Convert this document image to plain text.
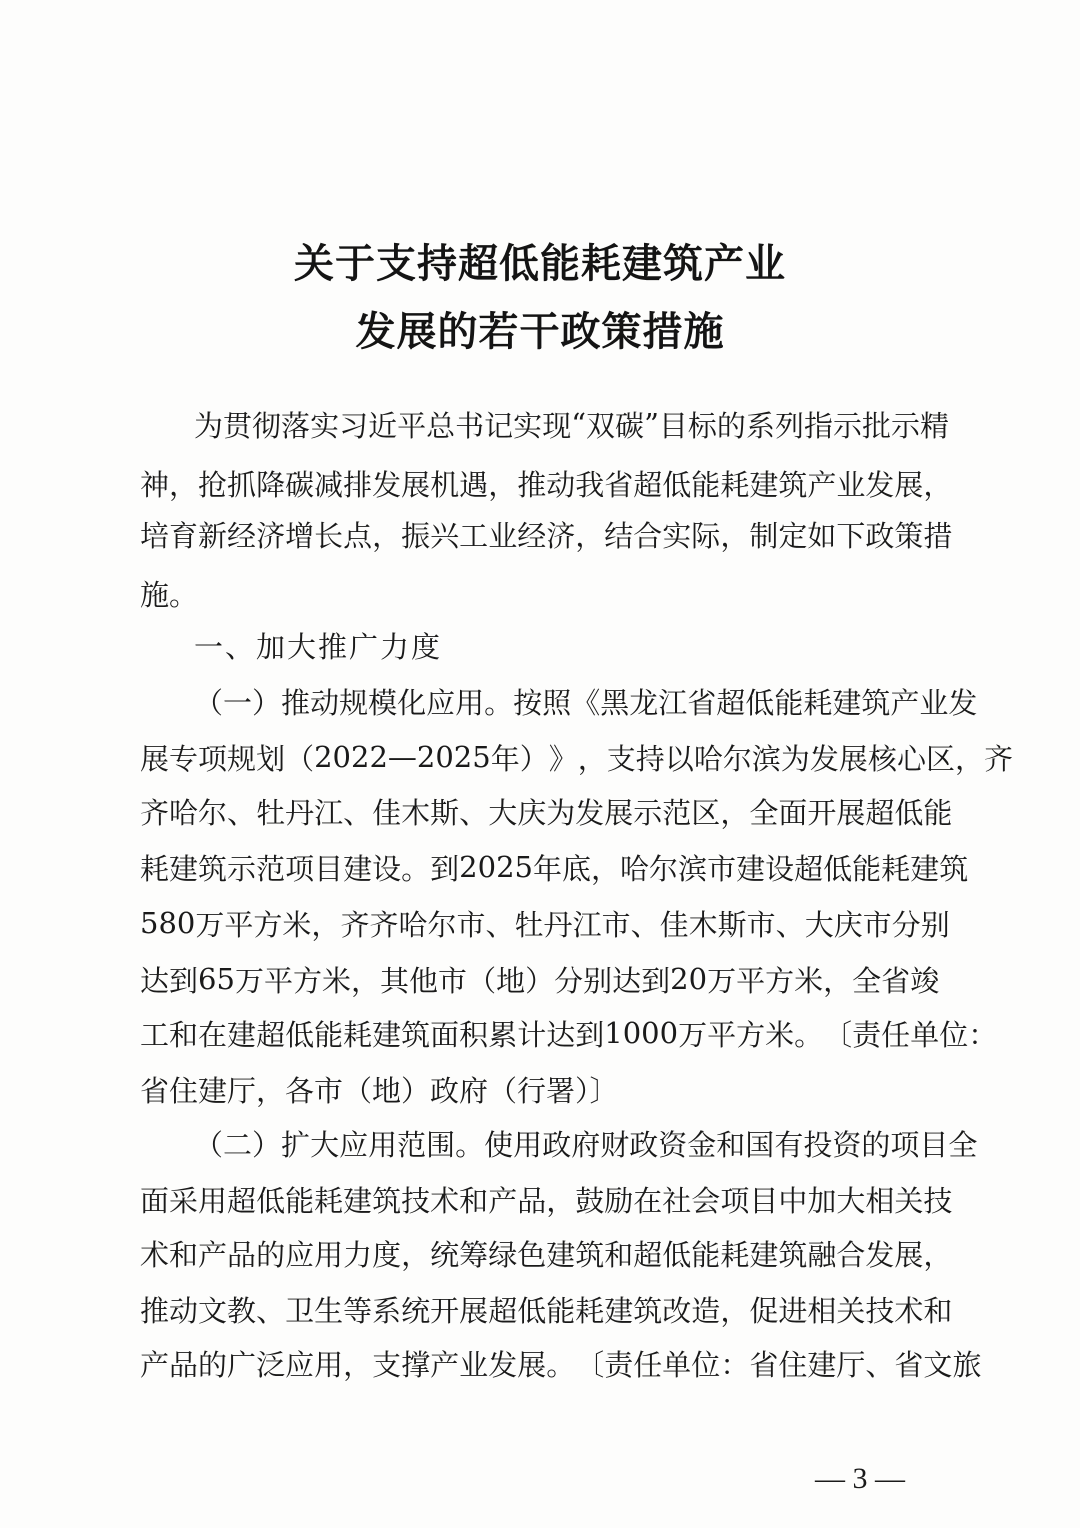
关于支持超低能耗建筑产业
发展的若干政策措施

为 贯 彻 落 实 习 近 平 总 书 记 实 现 “ 双 碳 ” 目 标 的 系 列 指 示 批 示 精

神 ， 抢 抓 降 碳 减 排 发 展 机 遇 ， 推 动 我 省 超 低 能 耗 建 筑 产 业 发 展 ，

培 育 新 经 济 增 长 点 ， 振 兴 工 业 经 济 ， 结 合 实 际 ， 制 定 如 下 政 策 措

施。

一、加大推广力度

（ 一 ） 推 动 规 模 化 应 用 。 按 照 《 黑 龙 江 省 超 低 能 耗 建 筑 产 业 发

展 专 项 规 划 （ 2022 — 2025 年 ） 》 ， 支 持 以 哈 尔 滨 为 发 展 核 心 区 ， 齐

齐 哈 尔 、 牡 丹 江 、 佳 木 斯 、 大 庆 为 发 展 示 范 区 ， 全 面 开 展 超 低 能

耗 建 筑 示 范 项 目 建 设 。 到 2025 年 底 ， 哈 尔 滨 市 建 设 超 低 能 耗 建 筑

580 万 平 方 米 ， 齐 齐 哈 尔 市 、 牡 丹 江 市 、 佳 木 斯 市 、 大 庆 市 分 别

达 到 65 万 平 方 米 ， 其 他 市 （ 地 ） 分 别 达 到 20 万 平 方 米 ， 全 省 竣

工 和 在 建 超 低 能 耗 建 筑 面 积 累 计 达 到 1000 万 平 方 米 。 〔 责 任 单 位 ：

省住建厅，各市（地）政府（行署）〕

（ 二 ） 扩 大 应 用 范 围 。 使 用 政 府 财 政 资 金 和 国 有 投 资 的 项 目 全

面 采 用 超 低 能 耗 建 筑 技 术 和 产 品 ， 鼓 励 在 社 会 项 目 中 加 大 相 关 技

术 和 产 品 的 应 用 力 度 ， 统 筹 绿 色 建 筑 和 超 低 能 耗 建 筑 融 合 发 展 ，

推 动 文 教 、 卫 生 等 系 统 开 展 超 低 能 耗 建 筑 改 造 ， 促 进 相 关 技 术 和

产 品 的 广 泛 应 用 ， 支 撑 产 业 发 展 。 〔 责 任 单 位 ： 省 住 建 厅 、 省 文 旅

— 3 —
